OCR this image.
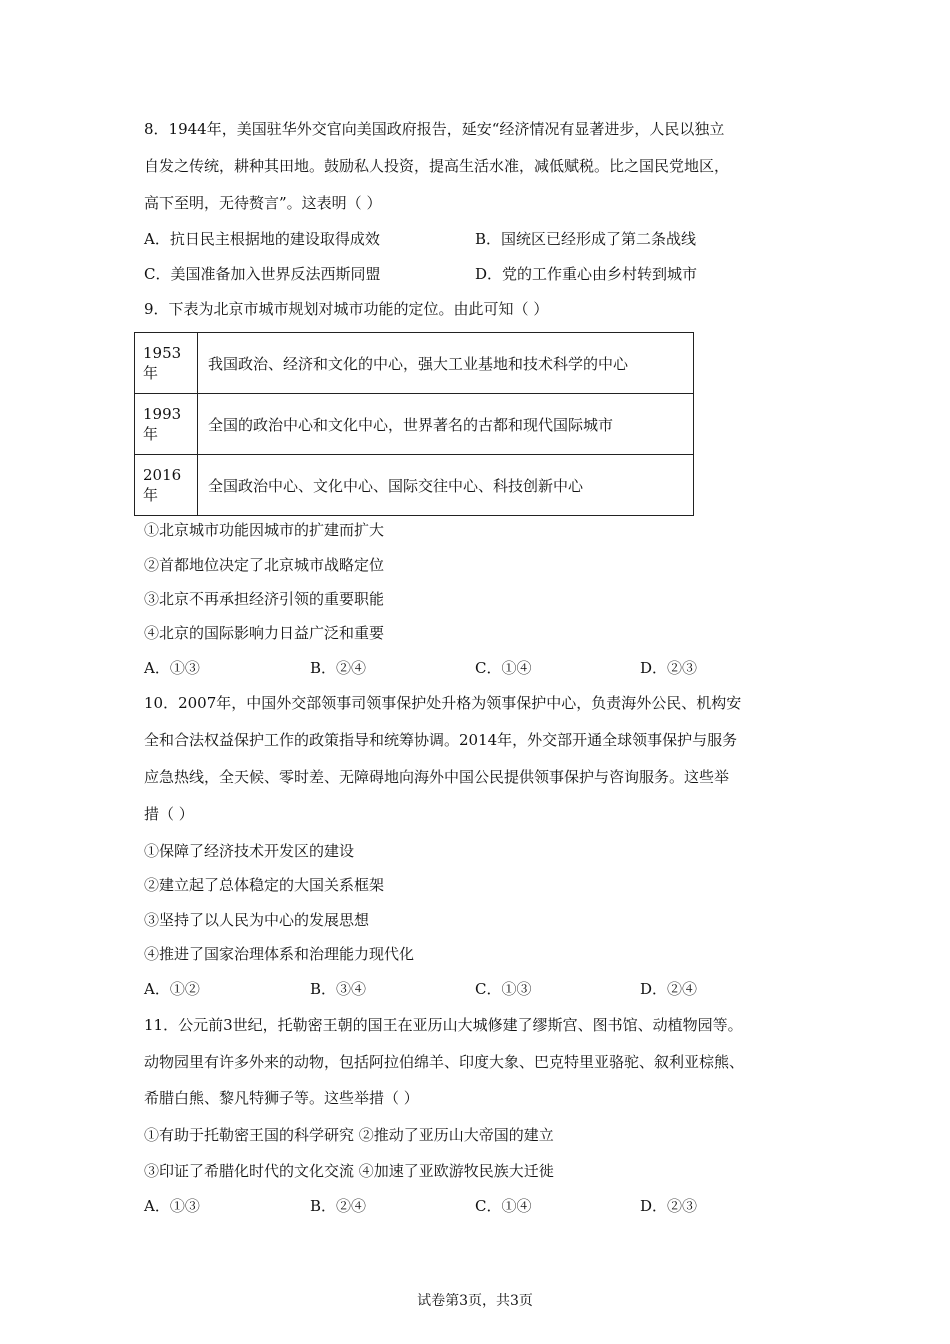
8．1944年，美国驻华外交官向美国政府报告，延安“经济情况有显著进步，人民以独立
自发之传统，耕种其田地。鼓励私人投资，提高生活水准，减低赋税。比之国民党地区，
高下至明，无待赘言”。这表明（ ）
A．抗日民主根据地的建设取得成效	B．国统区已经形成了第二条战线
C．美国准备加入世界反法西斯同盟	D．党的工作重心由乡村转到城市
9．下表为北京市城市规划对城市功能的定位。由此可知（ ）
1953
年	我国政治、经济和文化的中心，强大工业基地和技术科学的中心
1993
年	全国的政治中心和文化中心，世界著名的古都和现代国际城市
2016
年	全国政治中心、文化中心、国际交往中心、科技创新中心
①北京城市功能因城市的扩建而扩大
②首都地位决定了北京城市战略定位
③北京不再承担经济引领的重要职能
④北京的国际影响力日益广泛和重要
A．①③	B．②④	C．①④	D．②③
10．2007年，中国外交部领事司领事保护处升格为领事保护中心，负责海外公民、机构安
全和合法权益保护工作的政策指导和统筹协调。2014年，外交部开通全球领事保护与服务
应急热线，全天候、零时差、无障碍地向海外中国公民提供领事保护与咨询服务。这些举
措（ ）
①保障了经济技术开发区的建设
②建立起了总体稳定的大国关系框架
③坚持了以人民为中心的发展思想
④推进了国家治理体系和治理能力现代化
A．①②	B．③④	C．①③	D．②④
11．公元前3世纪，托勒密王朝的国王在亚历山大城修建了缪斯宫、图书馆、动植物园等。
动物园里有许多外来的动物，包括阿拉伯绵羊、印度大象、巴克特里亚骆驼、叙利亚棕熊、
希腊白熊、黎凡特狮子等。这些举措（ ）
①有助于托勒密王国的科学研究 ②推动了亚历山大帝国的建立
③印证了希腊化时代的文化交流 ④加速了亚欧游牧民族大迁徙
A．①③	B．②④	C．①④	D．②③
试卷第3页，共3页
